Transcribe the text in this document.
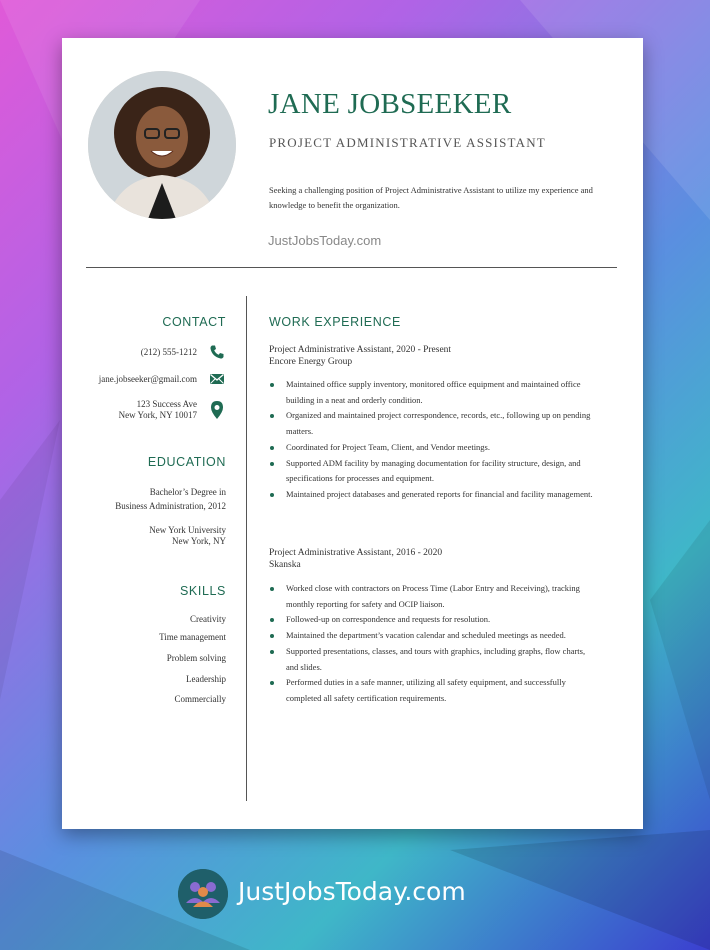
JANE JOBSEEKER
PROJECT ADMINISTRATIVE ASSISTANT
Seeking a challenging position of Project Administrative Assistant to utilize my experience and knowledge to benefit the organization.
JustJobsToday.com
CONTACT
(212) 555-1212
jane.jobseeker@gmail.com
123 Success Ave
New York, NY 10017
EDUCATION
Bachelor’s Degree in
Business Administration, 2012
New York University
New York, NY
SKILLS
Creativity
Time management
Problem solving
Leadership
Commercially
WORK EXPERIENCE
Project Administrative Assistant, 2020 - Present
Encore Energy Group
Maintained office supply inventory, monitored office equipment and maintained office building in a neat and orderly condition.
Organized and maintained project correspondence, records, etc., following up on pending matters.
Coordinated for Project Team, Client, and Vendor meetings.
Supported ADM facility by managing documentation for facility structure, design, and specifications for processes and equipment.
Maintained project databases and generated reports for financial and facility management.
Project Administrative Assistant, 2016 - 2020
Skanska
Worked close with contractors on Process Time (Labor Entry and Receiving), tracking monthly reporting for safety and OCIP liaison.
Followed-up on correspondence and requests for resolution.
Maintained the department’s vacation calendar and scheduled meetings as needed.
Supported presentations, classes, and tours with graphics, including graphs, flow charts, and slides.
Performed duties in a safe manner, utilizing all safety equipment, and successfully completed all safety certification requirements.
JustJobsToday.com
